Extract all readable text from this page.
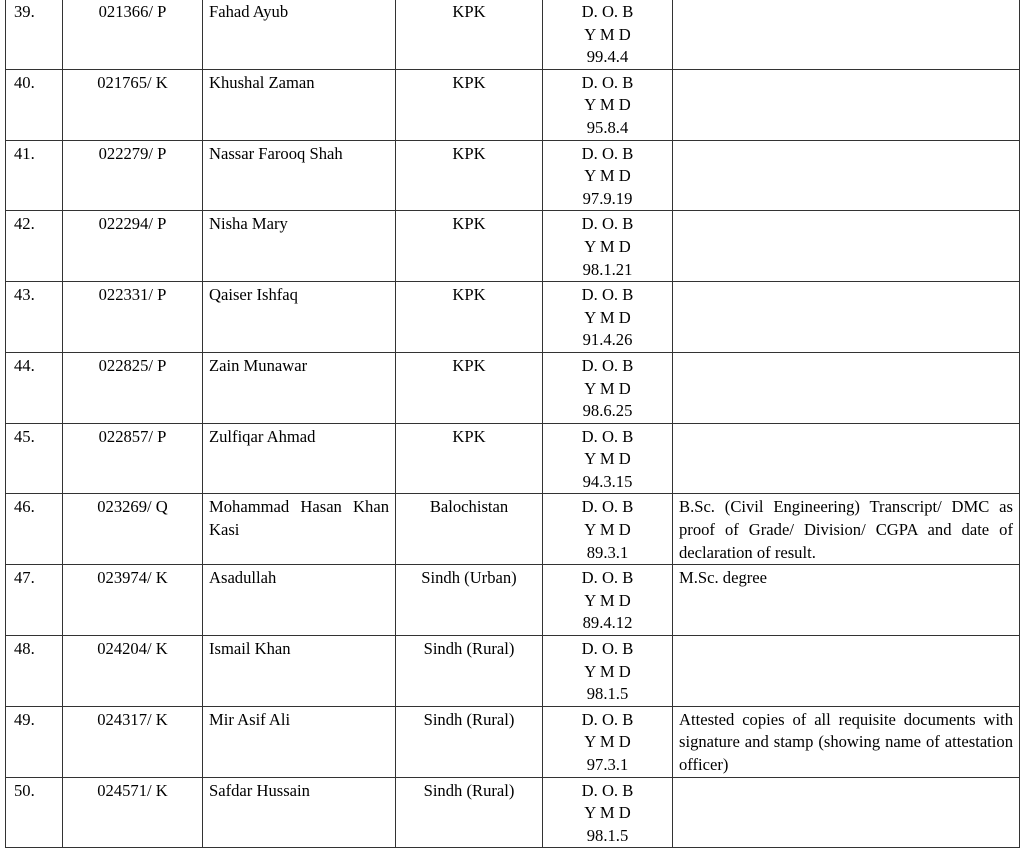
39.	021366/ P	Fahad Ayub	KPK	D. O. B
Y M D
99.4.4	

40.	021765/ K	Khushal Zaman	KPK	D. O. B
Y M D
95.8.4	

41.	022279/ P	Nassar Farooq Shah	KPK	D. O. B
Y M D
97.9.19	

42.	022294/ P	Nisha Mary	KPK	D. O. B
Y M D
98.1.21	

43.	022331/ P	Qaiser Ishfaq	KPK	D. O. B
Y M D
91.4.26	

44.	022825/ P	Zain Munawar	KPK	D. O. B
Y M D
98.6.25	

45.	022857/ P	Zulfiqar Ahmad	KPK	D. O. B
Y M D
94.3.15	

46.	023269/ Q	Mohammad Hasan Khan Kasi	Balochistan	D. O. B
Y M D
89.3.1	B.Sc. (Civil Engineering) Transcript/ DMC as proof of Grade/ Division/ CGPA and date of declaration of result.
47.	023974/ K	Asadullah	Sindh (Urban)	D. O. B
Y M D
89.4.12	M.Sc. degree
48.	024204/ K	Ismail Khan	Sindh (Rural)	D. O. B
Y M D
98.1.5	

49.	024317/ K	Mir Asif Ali	Sindh (Rural)	D. O. B
Y M D
97.3.1	Attested copies of all requisite documents with signature and stamp (showing name of attestation officer)
50.	024571/ K	Safdar Hussain	Sindh (Rural)	D. O. B
Y M D
98.1.5	
